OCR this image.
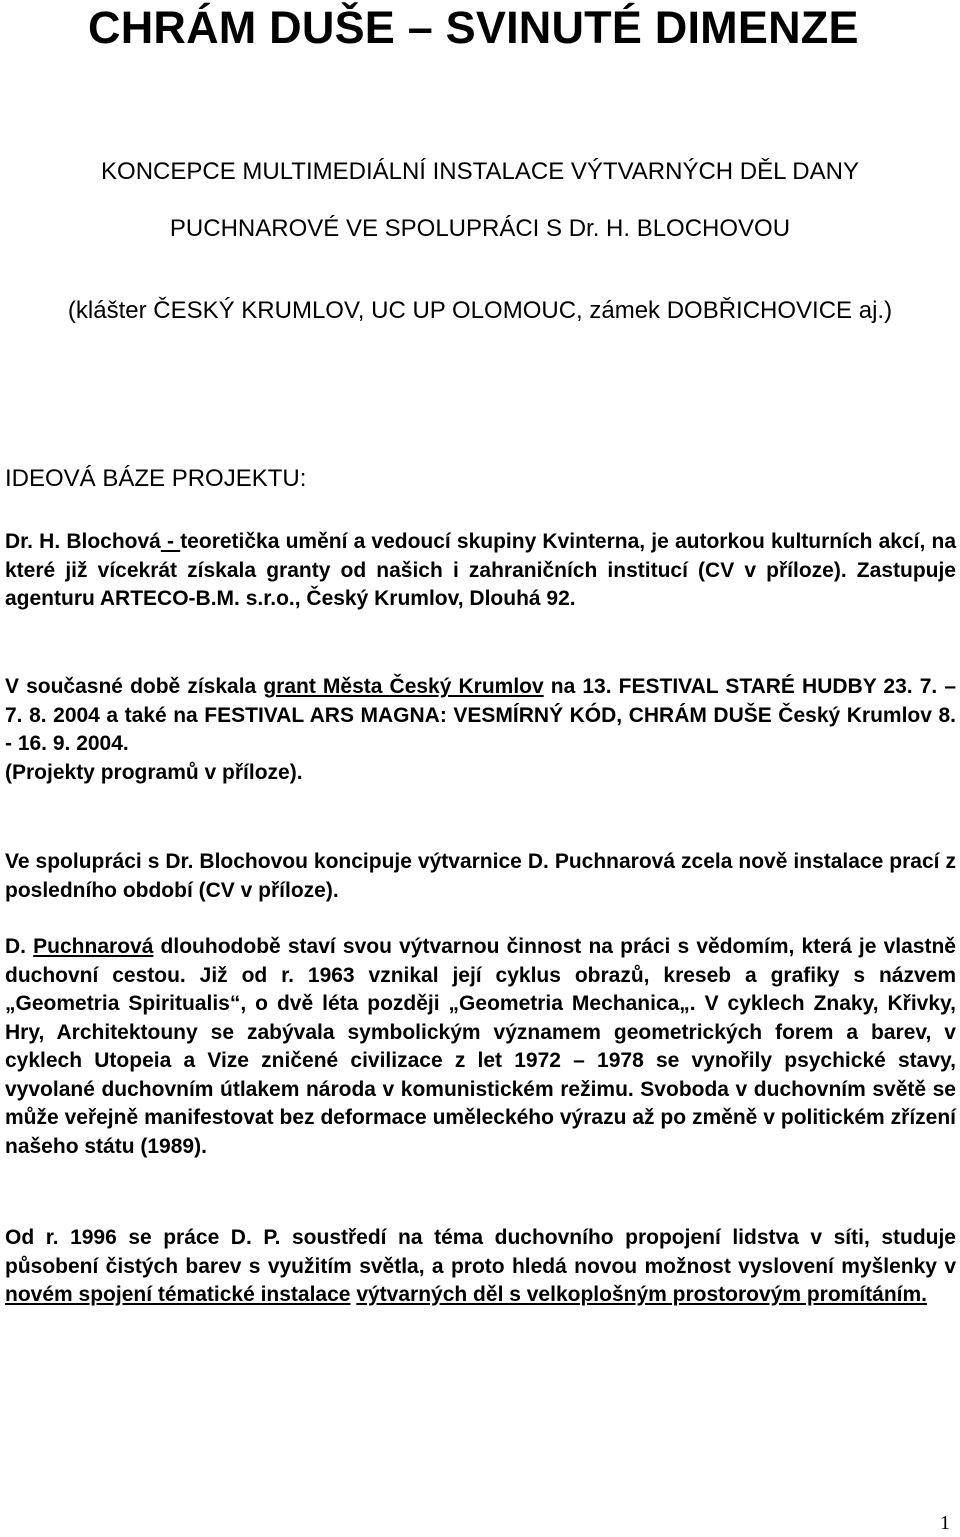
CHRÁM DUŠE – SVINUTÉ DIMENZE

KONCEPCE MULTIMEDIÁLNÍ INSTALACE VÝTVARNÝCH DĚL DANY

PUCHNAROVÉ VE SPOLUPRÁCI S Dr. H. BLOCHOVOU

(klášter ČESKÝ KRUMLOV, UC UP OLOMOUC, zámek DOBŘICHOVICE aj.)

IDEOVÁ BÁZE PROJEKTU:

Dr. H. Blochová - teoretička umění a vedoucí skupiny Kvinterna, je autorkou kulturních akcí, na které již vícekrát získala granty od našich i zahraničních institucí (CV v příloze). Zastupuje agenturu ARTECO-B.M. s.r.o., Český Krumlov, Dlouhá 92.

V současné době získala grant Města Český Krumlov na 13. FESTIVAL STARÉ HUDBY 23. 7. – 7. 8. 2004 a také na FESTIVAL ARS MAGNA: VESMÍRNÝ KÓD, CHRÁM DUŠE Český Krumlov 8. - 16. 9. 2004.
(Projekty programů v příloze).

Ve spolupráci s Dr. Blochovou koncipuje výtvarnice D. Puchnarová zcela nově instalace prací z posledního období (CV v příloze).

D. Puchnarová dlouhodobě staví svou výtvarnou činnost na práci s vědomím, která je vlastně duchovní cestou. Již od r. 1963 vznikal její cyklus obrazů, kreseb a grafiky s názvem „Geometria Spiritualis“, o dvě léta později „Geometria Mechanica„. V cyklech Znaky, Křivky, Hry, Architektouny se zabývala symbolickým významem geometrických forem a barev, v cyklech Utopeia a Vize zničené civilizace z let 1972 – 1978 se vynořily psychické stavy, vyvolané duchovním útlakem národa v komunistickém režimu. Svoboda v duchovním světě se může veřejně manifestovat bez deformace uměleckého výrazu až po změně v politickém zřízení našeho státu (1989).

Od r. 1996 se práce D. P. soustředí na téma duchovního propojení lidstva v síti, studuje působení čistých barev s využitím světla, a proto hledá novou možnost vyslovení myšlenky v novém spojení tématické instalace výtvarných děl s velkoplošným prostorovým promítáním.

1
